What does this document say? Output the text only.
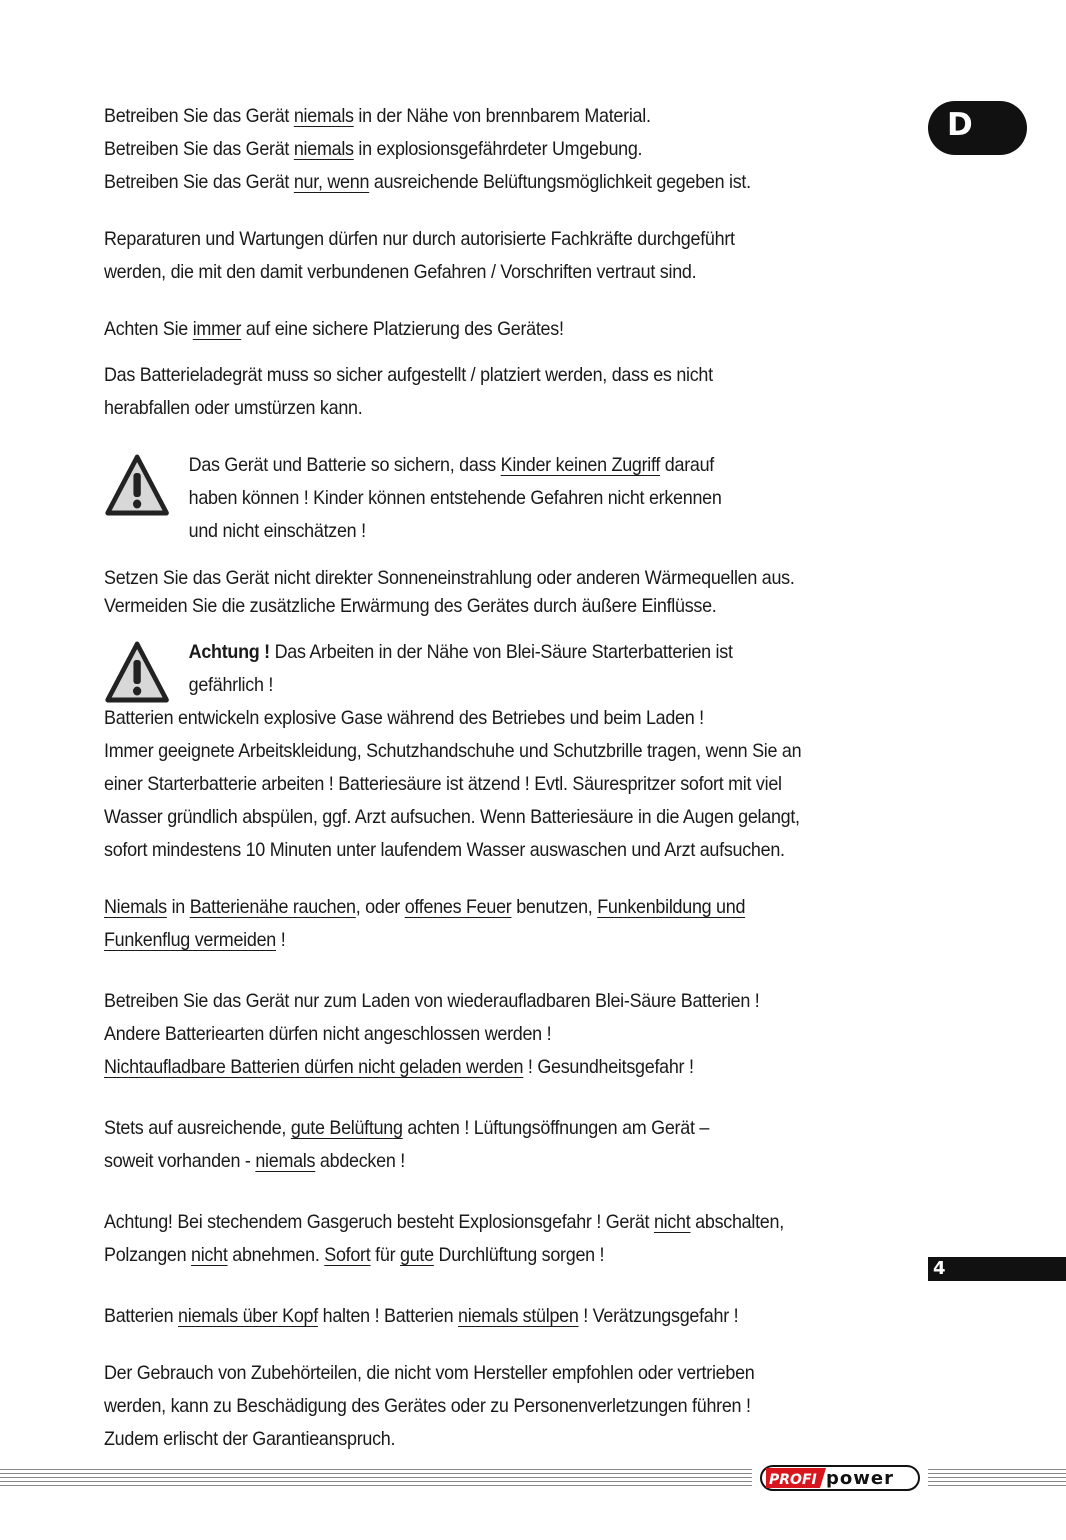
D
4

Betreiben Sie das Gerät niemals in der Nähe von brennbarem Material.

Betreiben Sie das Gerät niemals in explosionsgefährdeter Umgebung.

Betreiben Sie das Gerät nur, wenn ausreichende Belüftungsmöglichkeit gegeben ist.

Reparaturen und Wartungen dürfen nur durch autorisierte Fachkräfte durchgeführt
werden, die mit den damit verbundenen Gefahren / Vorschriften vertraut sind.

Achten Sie immer auf eine sichere Platzierung des Gerätes!

Das Batterieladegrät muss so sicher aufgestellt / platziert werden, dass es nicht
herabfallen oder umstürzen kann.

Das Gerät und Batterie so sichern, dass Kinder keinen Zugriff darauf
haben können ! Kinder können entstehende Gefahren nicht erkennen
und nicht einschätzen !

Setzen Sie das Gerät nicht direkter Sonneneinstrahlung oder anderen Wärmequellen aus.
Vermeiden Sie die zusätzliche Erwärmung des Gerätes durch äußere Einflüsse.

Achtung ! Das Arbeiten in der Nähe von Blei-Säure Starterbatterien ist
gefährlich !

Batterien entwickeln explosive Gase während des Betriebes und beim Laden !
Immer geeignete Arbeitskleidung, Schutzhandschuhe und Schutzbrille tragen, wenn Sie an
einer Starterbatterie arbeiten ! Batteriesäure ist ätzend ! Evtl. Säurespritzer sofort mit viel
Wasser gründlich abspülen, ggf. Arzt aufsuchen. Wenn Batteriesäure in die Augen gelangt,
sofort mindestens 10 Minuten unter laufendem Wasser auswaschen und Arzt aufsuchen.

Niemals in Batterienähe rauchen, oder offenes Feuer benutzen, Funkenbildung und
Funkenflug vermeiden !

Betreiben Sie das Gerät nur zum Laden von wiederaufladbaren Blei-Säure Batterien !
Andere Batteriearten dürfen nicht angeschlossen werden !
Nichtaufladbare Batterien dürfen nicht geladen werden ! Gesundheitsgefahr !

Stets auf ausreichende, gute Belüftung achten ! Lüftungsöffnungen am Gerät –
soweit vorhanden - niemals abdecken !

Achtung! Bei stechendem Gasgeruch besteht Explosionsgefahr ! Gerät nicht abschalten,
Polzangen nicht abnehmen. Sofort für gute Durchlüftung sorgen !

Batterien niemals über Kopf halten ! Batterien niemals stülpen ! Verätzungsgefahr !

Der Gebrauch von Zubehörteilen, die nicht vom Hersteller empfohlen oder vertrieben
werden, kann zu Beschädigung des Gerätes oder zu Personenverletzungen führen !
Zudem erlischt der Garantieanspruch.

PROFI power
